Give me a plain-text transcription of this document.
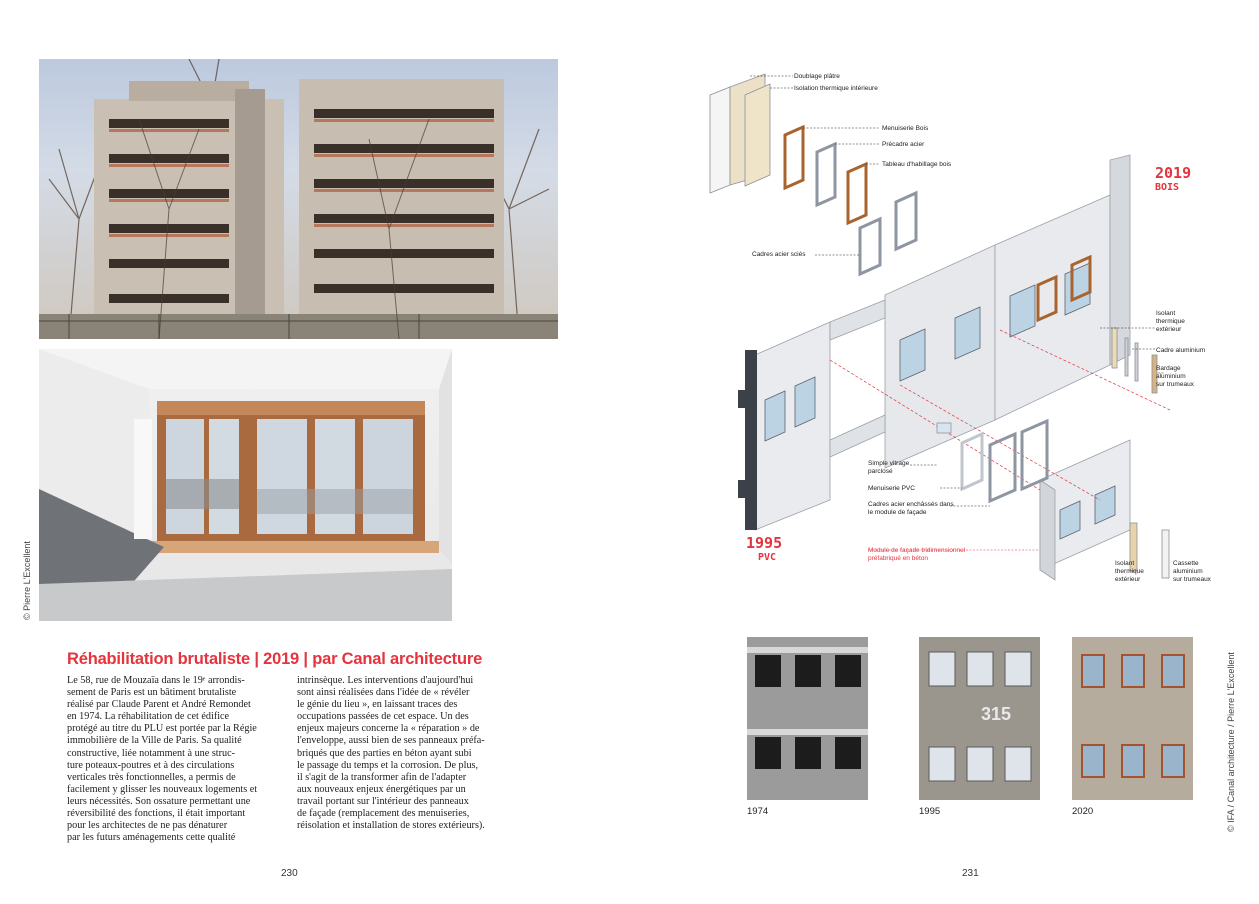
© Pierre L'Excellent
Réhabilitation brutaliste | 2019 | par Canal architecture
Le 58, rue de Mouzaïa dans le 19ᵉ arrondis-
sement de Paris est un bâtiment brutaliste
réalisé par Claude Parent et André Remondet
en 1974. La réhabilitation de cet édifice
protégé au titre du PLU est portée par la Régie
immobilière de la Ville de Paris. Sa qualité
constructive, liée notamment à une struc-
ture poteaux-poutres et à des circulations
verticales très fonctionnelles, a permis de
facilement y glisser les nouveaux logements et
leurs nécessités. Son ossature permettant une
réversibilité des fonctions, il était important
pour les architectes de ne pas dénaturer
par les futurs aménagements cette qualité
intrinsèque. Les interventions d'aujourd'hui
sont ainsi réalisées dans l'idée de « révéler
le génie du lieu », en laissant traces des
occupations passées de cet espace. Un des
enjeux majeurs concerne la « réparation » de
l'enveloppe, aussi bien de ses panneaux préfa-
briqués que des parties en béton ayant subi
le passage du temps et la corrosion. De plus,
il s'agit de la transformer afin de l'adapter
aux nouveaux enjeux énergétiques par un
travail portant sur l'intérieur des panneaux
de façade (remplacement des menuiseries,
réisolation et installation de stores extérieurs).
230	231
Doublage plâtre
Isolation thermique intérieure
Menuiserie Bois
Précadre acier
Tableau d'habillage bois
Cadres acier sciés
2019
BOIS
Isolant
thermique
extérieur
Cadre aluminium
Bardage
aluminium
sur trumeaux
Simple vitrage
parclosé
Menuiserie PVC
Cadres acier enchâssés dans
le module de façade
Module de façade tridimensionnel
préfabriqué en béton
1995
PVC
Isolant
thermique
extérieur
Cassette
aluminium
sur trumeaux
315
1974	1995	2020	© IFA / Canal architecture / Pierre L'Excellent
